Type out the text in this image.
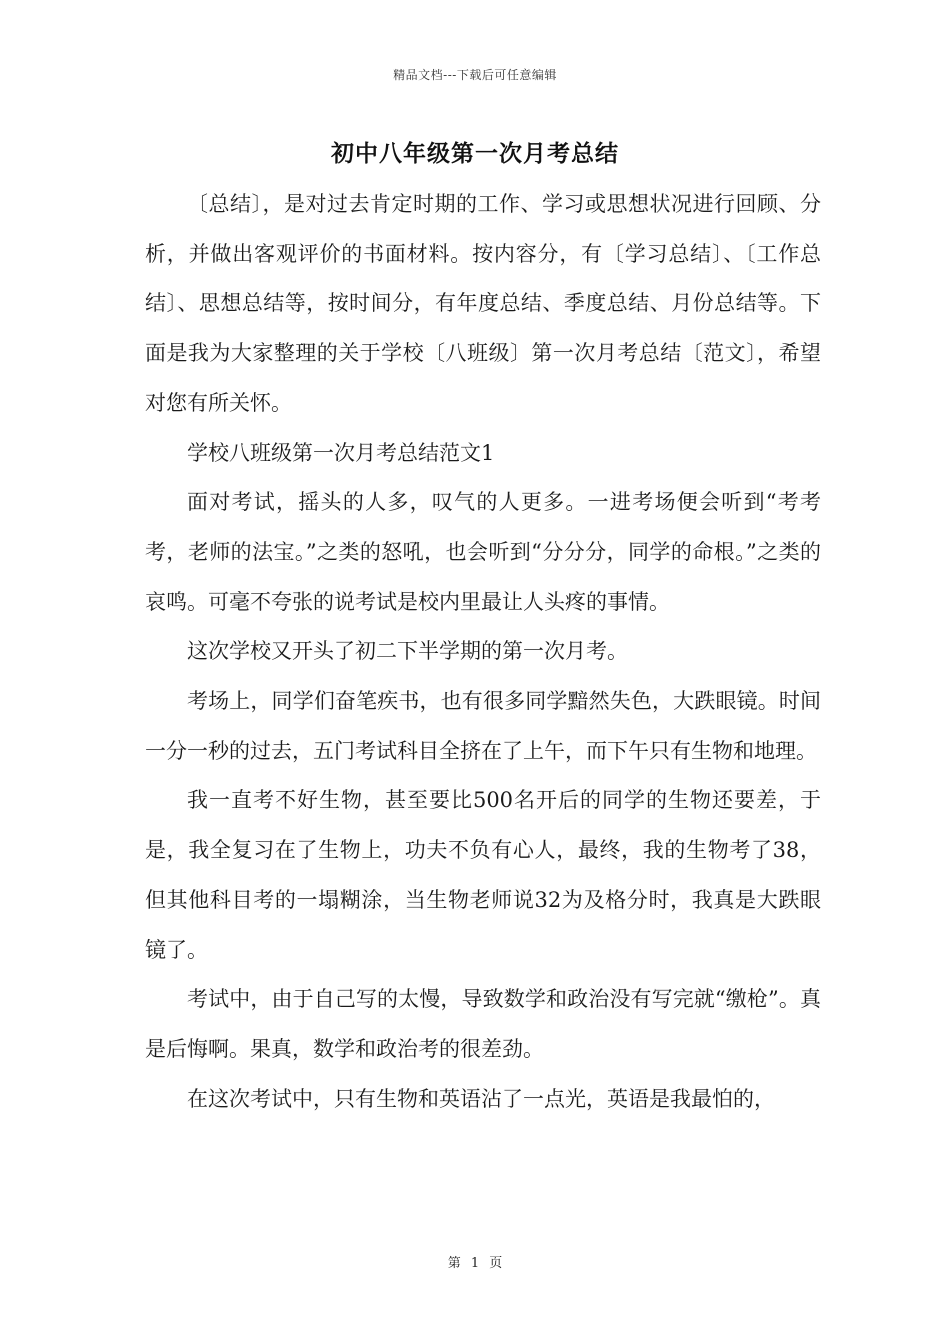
精品文档---下载后可任意编辑
初中八年级第一次月考总结

〔总结〕，是对过去肯定时期的工作、学习或思想状况进行回顾、分析，并做出客观评价的书面材料。按内容分，有〔学习总结〕、〔工作总结〕、思想总结等，按时间分，有年度总结、季度总结、月份总结等。下面是我为大家整理的关于学校〔八班级〕第一次月考总结〔范文〕，希望对您有所关怀。

学校八班级第一次月考总结范文1

面对考试，摇头的人多，叹气的人更多。一进考场便会听到“考考考，老师的法宝。”之类的怒吼，也会听到“分分分，同学的命根。”之类的哀鸣。可毫不夸张的说考试是校内里最让人头疼的事情。

这次学校又开头了初二下半学期的第一次月考。

考场上，同学们奋笔疾书，也有很多同学黯然失色，大跌眼镜。时间一分一秒的过去，五门考试科目全挤在了上午，而下午只有生物和地理。

我一直考不好生物，甚至要比500名开后的同学的生物还要差，于是，我全复习在了生物上，功夫不负有心人，最终，我的生物考了38，但其他科目考的一塌糊涂，当生物老师说32为及格分时，我真是大跌眼镜了。

考试中，由于自己写的太慢，导致数学和政治没有写完就“缴枪”。真是后悔啊。果真，数学和政治考的很差劲。

在这次考试中，只有生物和英语沾了一点光，英语是我最怕的，

第 1 页
